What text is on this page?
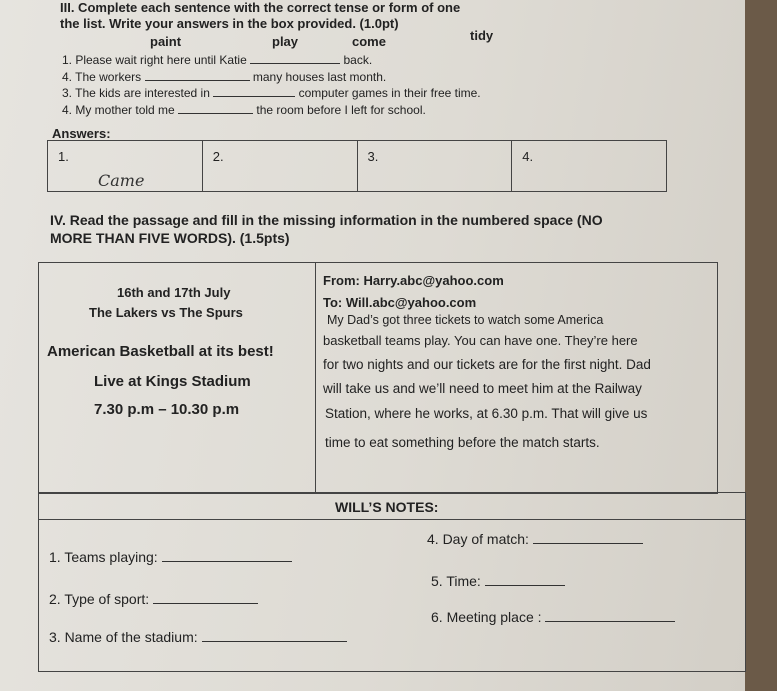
III. Complete each sentence with the correct tense or form of one
the list. Write your answers in the box provided. (1.0pt)
paint	play	come	tidy
1. Please wait right here until Katie	back.
4. The workers	many houses last month.
3. The kids are interested in	computer games in their free time.
4. My mother told me	the room before I left for school.
Answers:
1.
Came
2.	3.	4.
IV. Read the passage and fill in the missing information in the numbered space (NO
MORE THAN FIVE WORDS). (1.5pts)
16th and 17th July
The Lakers vs The Spurs
American Basketball at its best!
Live at Kings Stadium
7.30 p.m – 10.30 p.m
From: Harry.abc@yahoo.com
To: Will.abc@yahoo.com
My Dad’s got three tickets to watch some America
basketball teams play. You can have one. They’re here
for two nights and our tickets are for the first night. Dad
will take us and we’ll need to meet him at the Railway
Station, where he works, at 6.30 p.m. That will give us
time to eat something before the match starts.
WILL’S NOTES:
1. Teams playing:
2. Type of sport:
3. Name of the stadium:
4. Day of match:
5. Time:
6. Meeting place :
